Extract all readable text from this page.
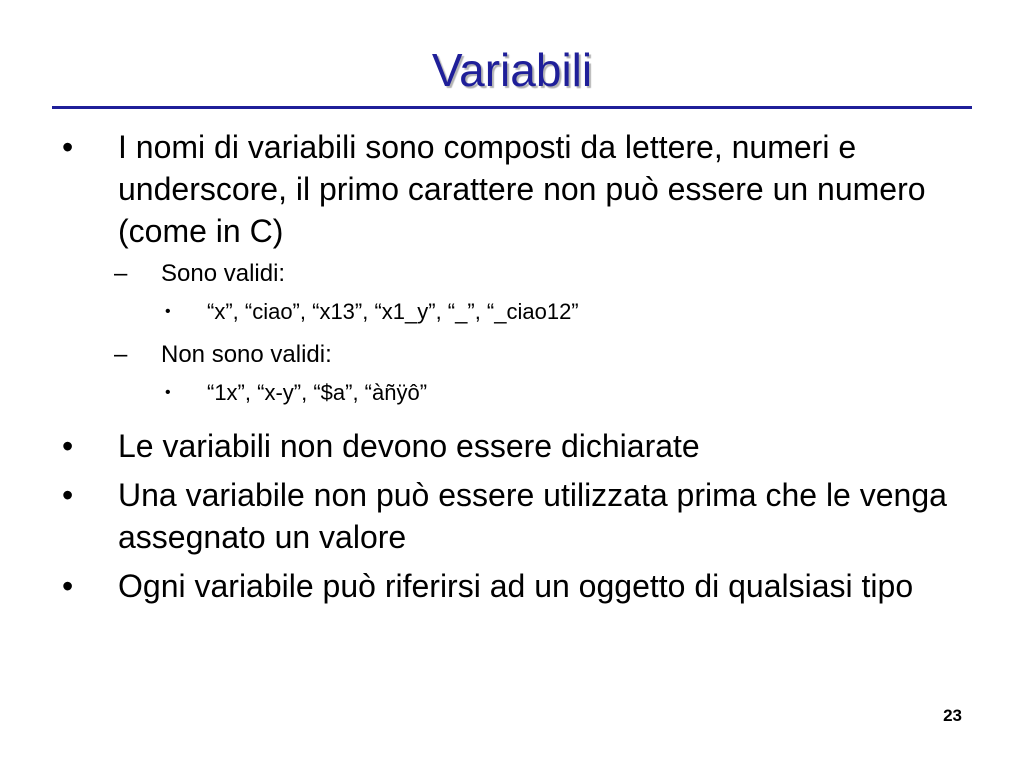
Variabili
• I nomi di variabili sono composti da lettere, numeri e underscore, il primo carattere non può essere un numero (come in C)
– Sono validi:
• “x”, “ciao”, “x13”, “x1_y”, “_”, “_ciao12”
– Non sono validi:
• “1x”, “x-y”, “$a”, “àñÿô”
• Le variabili non devono essere dichiarate
• Una variabile non può essere utilizzata prima che le venga assegnato un valore
• Ogni variabile può riferirsi ad un oggetto di qualsiasi tipo
23
